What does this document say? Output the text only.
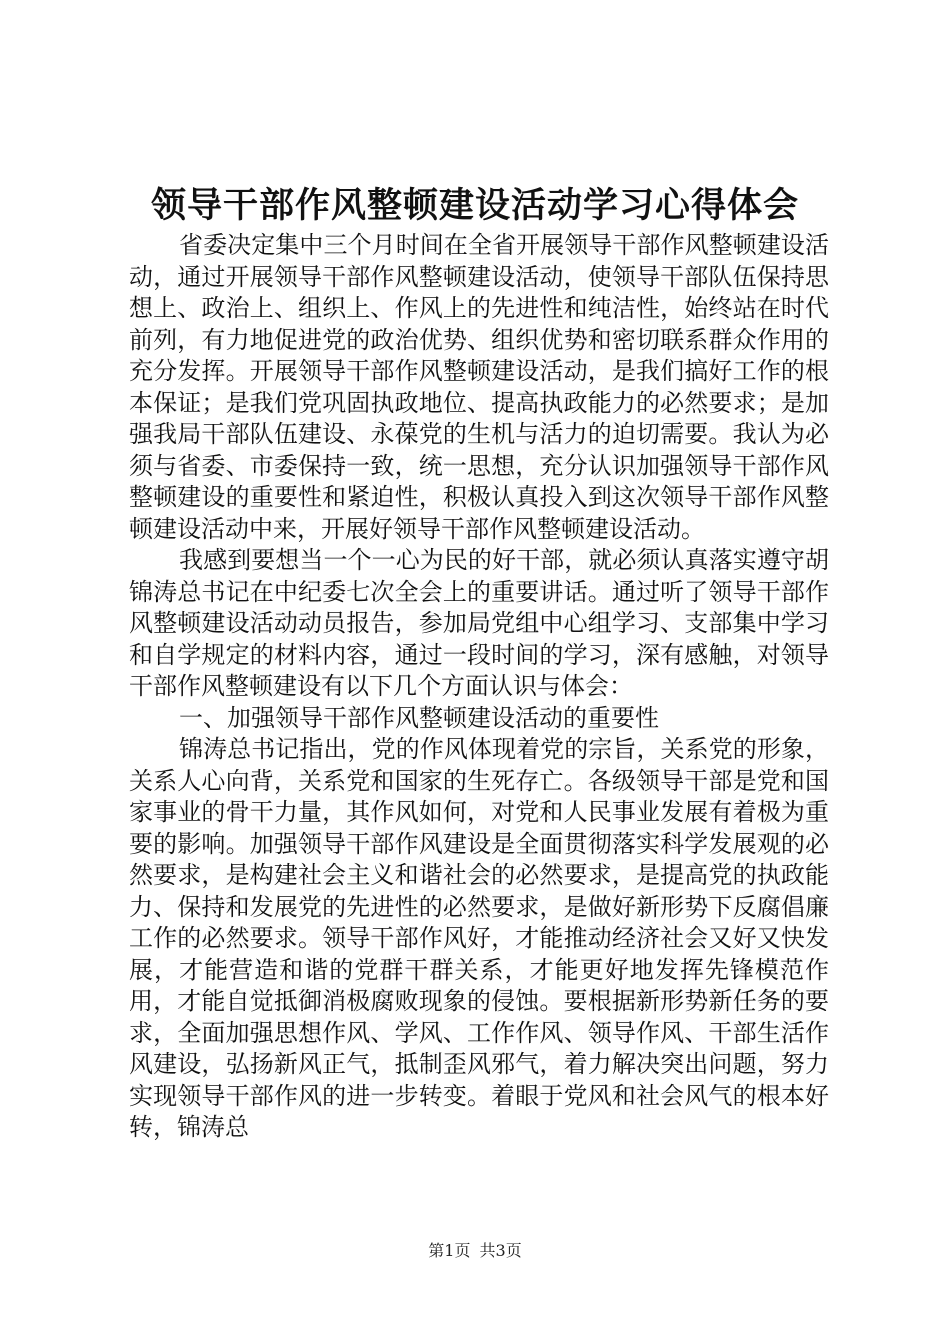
领导干部作风整顿建设活动学习心得体会

省委决定集中三个月时间在全省开展领导干部作风整顿建设活动，通过开展领导干部作风整顿建设活动，使领导干部队伍保持思想上、政治上、组织上、作风上的先进性和纯洁性，始终站在时代前列，有力地促进党的政治优势、组织优势和密切联系群众作用的充分发挥。开展领导干部作风整顿建设活动，是我们搞好工作的根本保证；是我们党巩固执政地位、提高执政能力的必然要求；是加强我局干部队伍建设、永葆党的生机与活力的迫切需要。我认为必须与省委、市委保持一致，统一思想，充分认识加强领导干部作风整顿建设的重要性和紧迫性，积极认真投入到这次领导干部作风整顿建设活动中来，开展好领导干部作风整顿建设活动。

我感到要想当一个一心为民的好干部，就必须认真落实遵守胡锦涛总书记在中纪委七次全会上的重要讲话。通过听了领导干部作风整顿建设活动动员报告，参加局党组中心组学习、支部集中学习和自学规定的材料内容，通过一段时间的学习，深有感触，对领导干部作风整顿建设有以下几个方面认识与体会：

一、加强领导干部作风整顿建设活动的重要性

锦涛总书记指出，党的作风体现着党的宗旨，关系党的形象，关系人心向背，关系党和国家的生死存亡。各级领导干部是党和国家事业的骨干力量，其作风如何，对党和人民事业发展有着极为重要的影响。加强领导干部作风建设是全面贯彻落实科学发展观的必然要求，是构建社会主义和谐社会的必然要求，是提高党的执政能力、保持和发展党的先进性的必然要求，是做好新形势下反腐倡廉工作的必然要求。领导干部作风好，才能推动经济社会又好又快发展，才能营造和谐的党群干群关系，才能更好地发挥先锋模范作用，才能自觉抵御消极腐败现象的侵蚀。要根据新形势新任务的要求，全面加强思想作风、学风、工作作风、领导作风、干部生活作风建设，弘扬新风正气，抵制歪风邪气，着力解决突出问题，努力实现领导干部作风的进一步转变。着眼于党风和社会风气的根本好转，锦涛总

第1页 共3页
